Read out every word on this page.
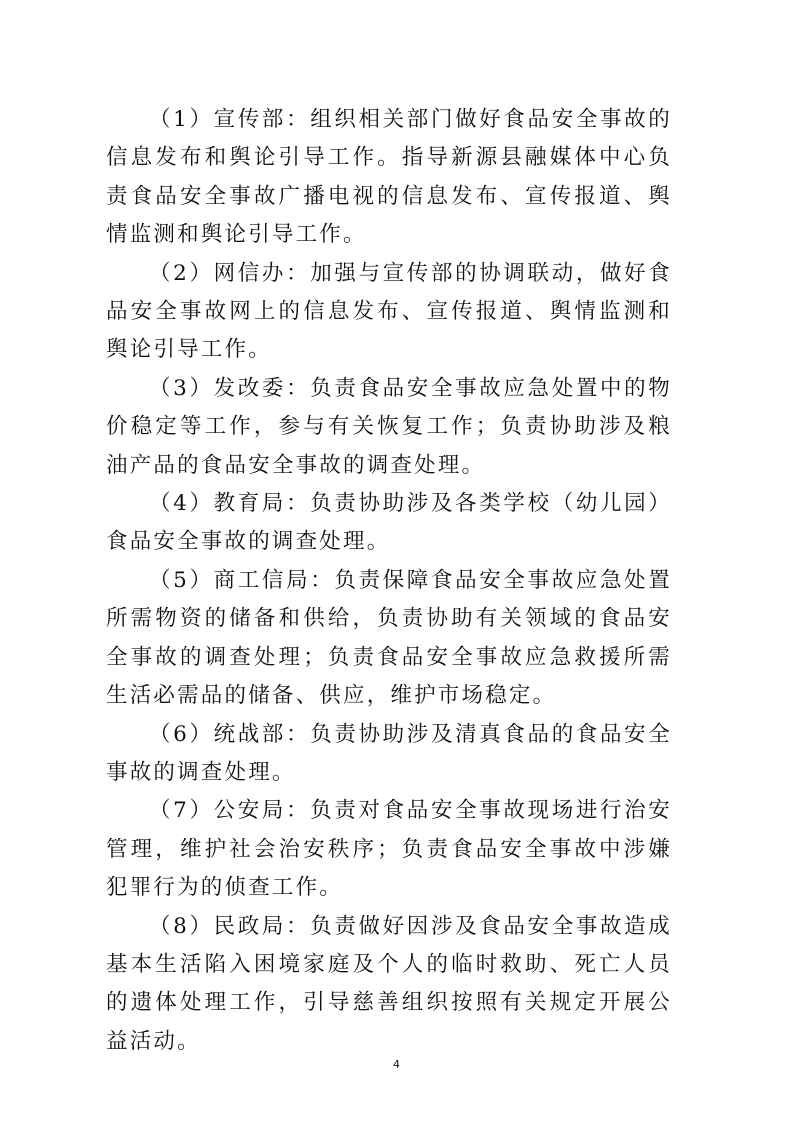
（1）宣传部：组织相关部门做好食品安全事故的信息发布和舆论引导工作。指导新源县融媒体中心负责食品安全事故广播电视的信息发布、宣传报道、舆情监测和舆论引导工作。

（2）网信办：加强与宣传部的协调联动，做好食品安全事故网上的信息发布、宣传报道、舆情监测和舆论引导工作。

（3）发改委：负责食品安全事故应急处置中的物价稳定等工作，参与有关恢复工作；负责协助涉及粮油产品的食品安全事故的调查处理。

（4）教育局：负责协助涉及各类学校（幼儿园）食品安全事故的调查处理。

（5）商工信局：负责保障食品安全事故应急处置所需物资的储备和供给，负责协助有关领域的食品安全事故的调查处理；负责食品安全事故应急救援所需生活必需品的储备、供应，维护市场稳定。

（6）统战部：负责协助涉及清真食品的食品安全事故的调查处理。

（7）公安局：负责对食品安全事故现场进行治安管理，维护社会治安秩序；负责食品安全事故中涉嫌犯罪行为的侦查工作。

（8）民政局：负责做好因涉及食品安全事故造成基本生活陷入困境家庭及个人的临时救助、死亡人员的遗体处理工作，引导慈善组织按照有关规定开展公益活动。

4
